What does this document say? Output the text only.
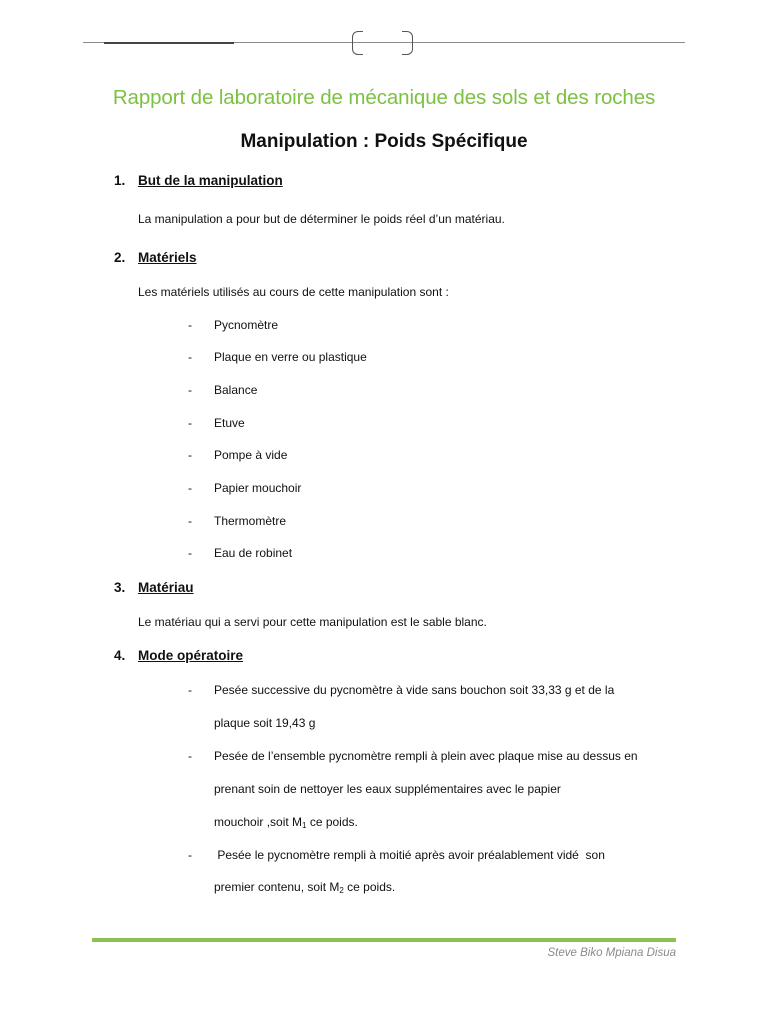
Rapport de laboratoire de mécanique des sols et des roches
Manipulation : Poids Spécifique
1. But de la manipulation
La manipulation a pour but de déterminer le poids réel d’un matériau.
2. Matériels
Les matériels utilisés au cours de cette manipulation sont :
- Pycnomètre
- Plaque en verre ou plastique
- Balance
- Etuve
- Pompe à vide
- Papier mouchoir
- Thermomètre
- Eau de robinet
3. Matériau
Le matériau qui a servi pour cette manipulation est le sable blanc.
4. Mode opératoire
- Pesée successive du pycnomètre à vide sans bouchon soit 33,33 g et de la
plaque soit 19,43 g
- Pesée de l’ensemble pycnomètre rempli à plein avec plaque mise au dessus en
prenant soin de nettoyer les eaux supplémentaires avec le papier
mouchoir ,soit $M_1$ ce poids.
- Pesée le pycnomètre rempli à moitié après avoir préalablement vidé  son
premier contenu, soit $M_2$ ce poids.
Steve Biko Mpiana Disua
